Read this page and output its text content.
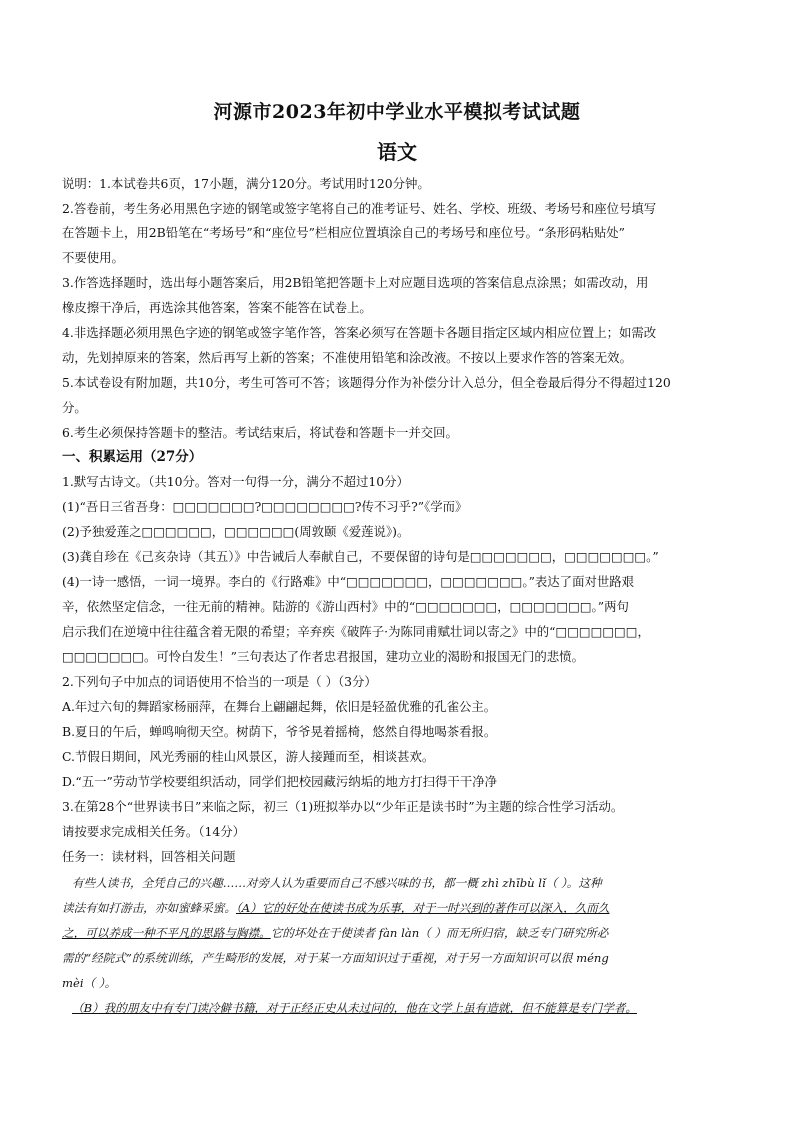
河源市2023年初中学业水平模拟考试试题
语文
说明：1.本试卷共6页，17小题，满分120分。考试用时120分钟。
2.答卷前，考生务必用黑色字迹的钢笔或签字笔将自己的准考证号、姓名、学校、班级、考场号和座位号填写
在答题卡上，用2B铅笔在“考场号”和“座位号”栏相应位置填涂自己的考场号和座位号。“条形码粘贴处”
不要使用。
3.作答选择题时，选出每小题答案后，用2B铅笔把答题卡上对应题目选项的答案信息点涂黑；如需改动，用
橡皮擦干净后，再选涂其他答案，答案不能答在试卷上。
4.非选择题必须用黑色字迹的钢笔或签字笔作答，答案必须写在答题卡各题目指定区域内相应位置上；如需改
动，先划掉原来的答案，然后再写上新的答案；不准使用铅笔和涂改液。不按以上要求作答的答案无效。
5.本试卷设有附加题，共10分，考生可答可不答；该题得分作为补偿分计入总分，但全卷最后得分不得超过120
分。
6.考生必须保持答题卡的整洁。考试结束后，将试卷和答题卡一并交回。
一、积累运用（27分）
1.默写古诗文。（共10分。答对一句得一分，满分不超过10分）
(1)“吾日三省吾身：□□□□□□□?□□□□□□□□?传不习乎?”《学而》
(2)予独爱莲之□□□□□□，□□□□□□(周敦颐《爱莲说》)。
(3)龚自珍在《己亥杂诗（其五）》中告诫后人奉献自己，不要保留的诗句是□□□□□□□，□□□□□□□。”
(4)一诗一感悟，一词一境界。李白的《行路难》中“□□□□□□□，□□□□□□□。”表达了面对世路艰
辛，依然坚定信念，一往无前的精神。陆游的《游山西村》中的“□□□□□□□，□□□□□□□。”两句
启示我们在逆境中往往蕴含着无限的希望；辛弃疾《破阵子·为陈同甫赋壮词以寄之》中的“□□□□□□□，
□□□□□□□。可怜白发生！”三句表达了作者忠君报国，建功立业的渴盼和报国无门的悲愤。
2.下列句子中加点的词语使用不恰当的一项是（ ）（3分）
A.年过六旬的舞蹈家杨丽萍，在舞台上翩翩起舞，依旧是轻盈优雅的孔雀公主。
B.夏日的午后，蝉鸣响彻天空。树荫下，爷爷晃着摇椅，悠然自得地喝茶看报。
C.节假日期间，风光秀丽的桂山风景区，游人接踵而至，相谈甚欢。
D.“五一”劳动节学校要组织活动，同学们把校园藏污纳垢的地方打扫得干干净净
3.在第28个“世界读书日”来临之际，初三（1)班拟举办以“少年正是读书时”为主题的综合性学习活动。
请按要求完成相关任务。（14分）
任务一：读材料，回答相关问题
有些人读书，全凭自己的兴趣……对旁人认为重要而自己不感兴味的书，都一概 zhì zhībù lǐ（ ）。这种
读法有如打游击，亦如蜜蜂采蜜。（A）它的好处在使读书成为乐事，对于一时兴到的著作可以深入，久而久
之，可以养成一种不平凡的思路与胸襟。它的坏处在于使读者 fàn làn（ ）而无所归宿，缺乏专门研究所必
需的“经院式”的系统训练，产生畸形的发展，对于某一方面知识过于重视，对于另一方面知识可以很 méng
mèi（ ）。
（B）我的朋友中有专门读冷僻书籍，对于正经正史从未过问的，他在文学上虽有造就，但不能算是专门学者。
